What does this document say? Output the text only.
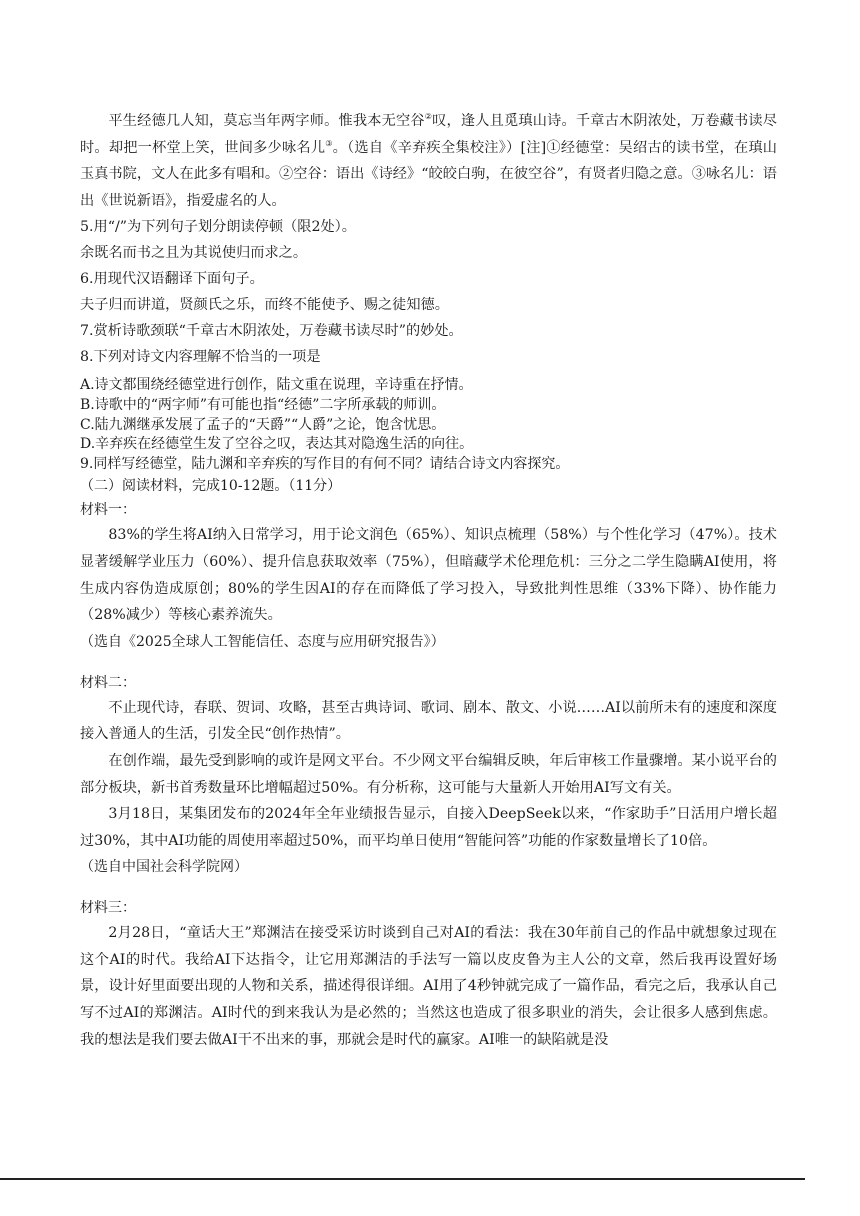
平生经德几人知，莫忘当年两字师。惟我本无空谷②叹，逢人且觅瑱山诗。千章古木阴浓处，万卷藏书读尽时。却把一杯堂上笑，世间多少咏名儿③。（选自《辛弃疾全集校注》）[注]①经德堂：吴绍古的读书堂，在瑱山玉真书院，文人在此多有唱和。②空谷：语出《诗经》“皎皎白驹，在彼空谷”，有贤者归隐之意。③咏名儿：语出《世说新语》，指爱虚名的人。

5.用“/”为下列句子划分朗读停顿（限2处）。

余既名而书之且为其说使归而求之。

6.用现代汉语翻译下面句子。

夫子归而讲道，贤颜氏之乐，而终不能使予、赐之徒知德。

7.赏析诗歌颈联“千章古木阴浓处，万卷藏书读尽时”的妙处。

8.下列对诗文内容理解不恰当的一项是

A.诗文都围绕经德堂进行创作，陆文重在说理，辛诗重在抒情。

B.诗歌中的“两字师”有可能也指“经德”二字所承载的师训。

C.陆九渊继承发展了孟子的“天爵”“人爵”之论，饱含忧思。

D.辛弃疾在经德堂生发了空谷之叹，表达其对隐逸生活的向往。

9.同样写经德堂，陆九渊和辛弃疾的写作目的有何不同？请结合诗文内容探究。

（二）阅读材料，完成10-12题。（11分）

材料一：

83%的学生将AI纳入日常学习，用于论文润色（65%）、知识点梳理（58%）与个性化学习（47%）。技术显著缓解学业压力（60%）、提升信息获取效率（75%），但暗藏学术伦理危机：三分之二学生隐瞒AI使用，将生成内容伪造成原创；80%的学生因AI的存在而降低了学习投入，导致批判性思维（33%下降）、协作能力（28%减少）等核心素养流失。

（选自《2025全球人工智能信任、态度与应用研究报告》）

材料二：

不止现代诗，春联、贺词、攻略，甚至古典诗词、歌词、剧本、散文、小说……AI以前所未有的速度和深度接入普通人的生活，引发全民“创作热情”。

在创作端，最先受到影响的或许是网文平台。不少网文平台编辑反映，年后审核工作量骤增。某小说平台的部分板块，新书首秀数量环比增幅超过50%。有分析称，这可能与大量新人开始用AI写文有关。

3月18日，某集团发布的2024年全年业绩报告显示，自接入DeepSeek以来，“作家助手”日活用户增长超过30%，其中AI功能的周使用率超过50%，而平均单日使用“智能问答”功能的作家数量增长了10倍。

（选自中国社会科学院网）

材料三：

2月28日，“童话大王”郑渊洁在接受采访时谈到自己对AI的看法：我在30年前自己的作品中就想象过现在这个AI的时代。我给AI下达指令，让它用郑渊洁的手法写一篇以皮皮鲁为主人公的文章，然后我再设置好场景，设计好里面要出现的人物和关系，描述得很详细。AI用了4秒钟就完成了一篇作品，看完之后，我承认自己写不过AI的郑渊洁。AI时代的到来我认为是必然的；当然这也造成了很多职业的消失，会让很多人感到焦虑。我的想法是我们要去做AI干不出来的事，那就会是时代的赢家。AI唯一的缺陷就是没
